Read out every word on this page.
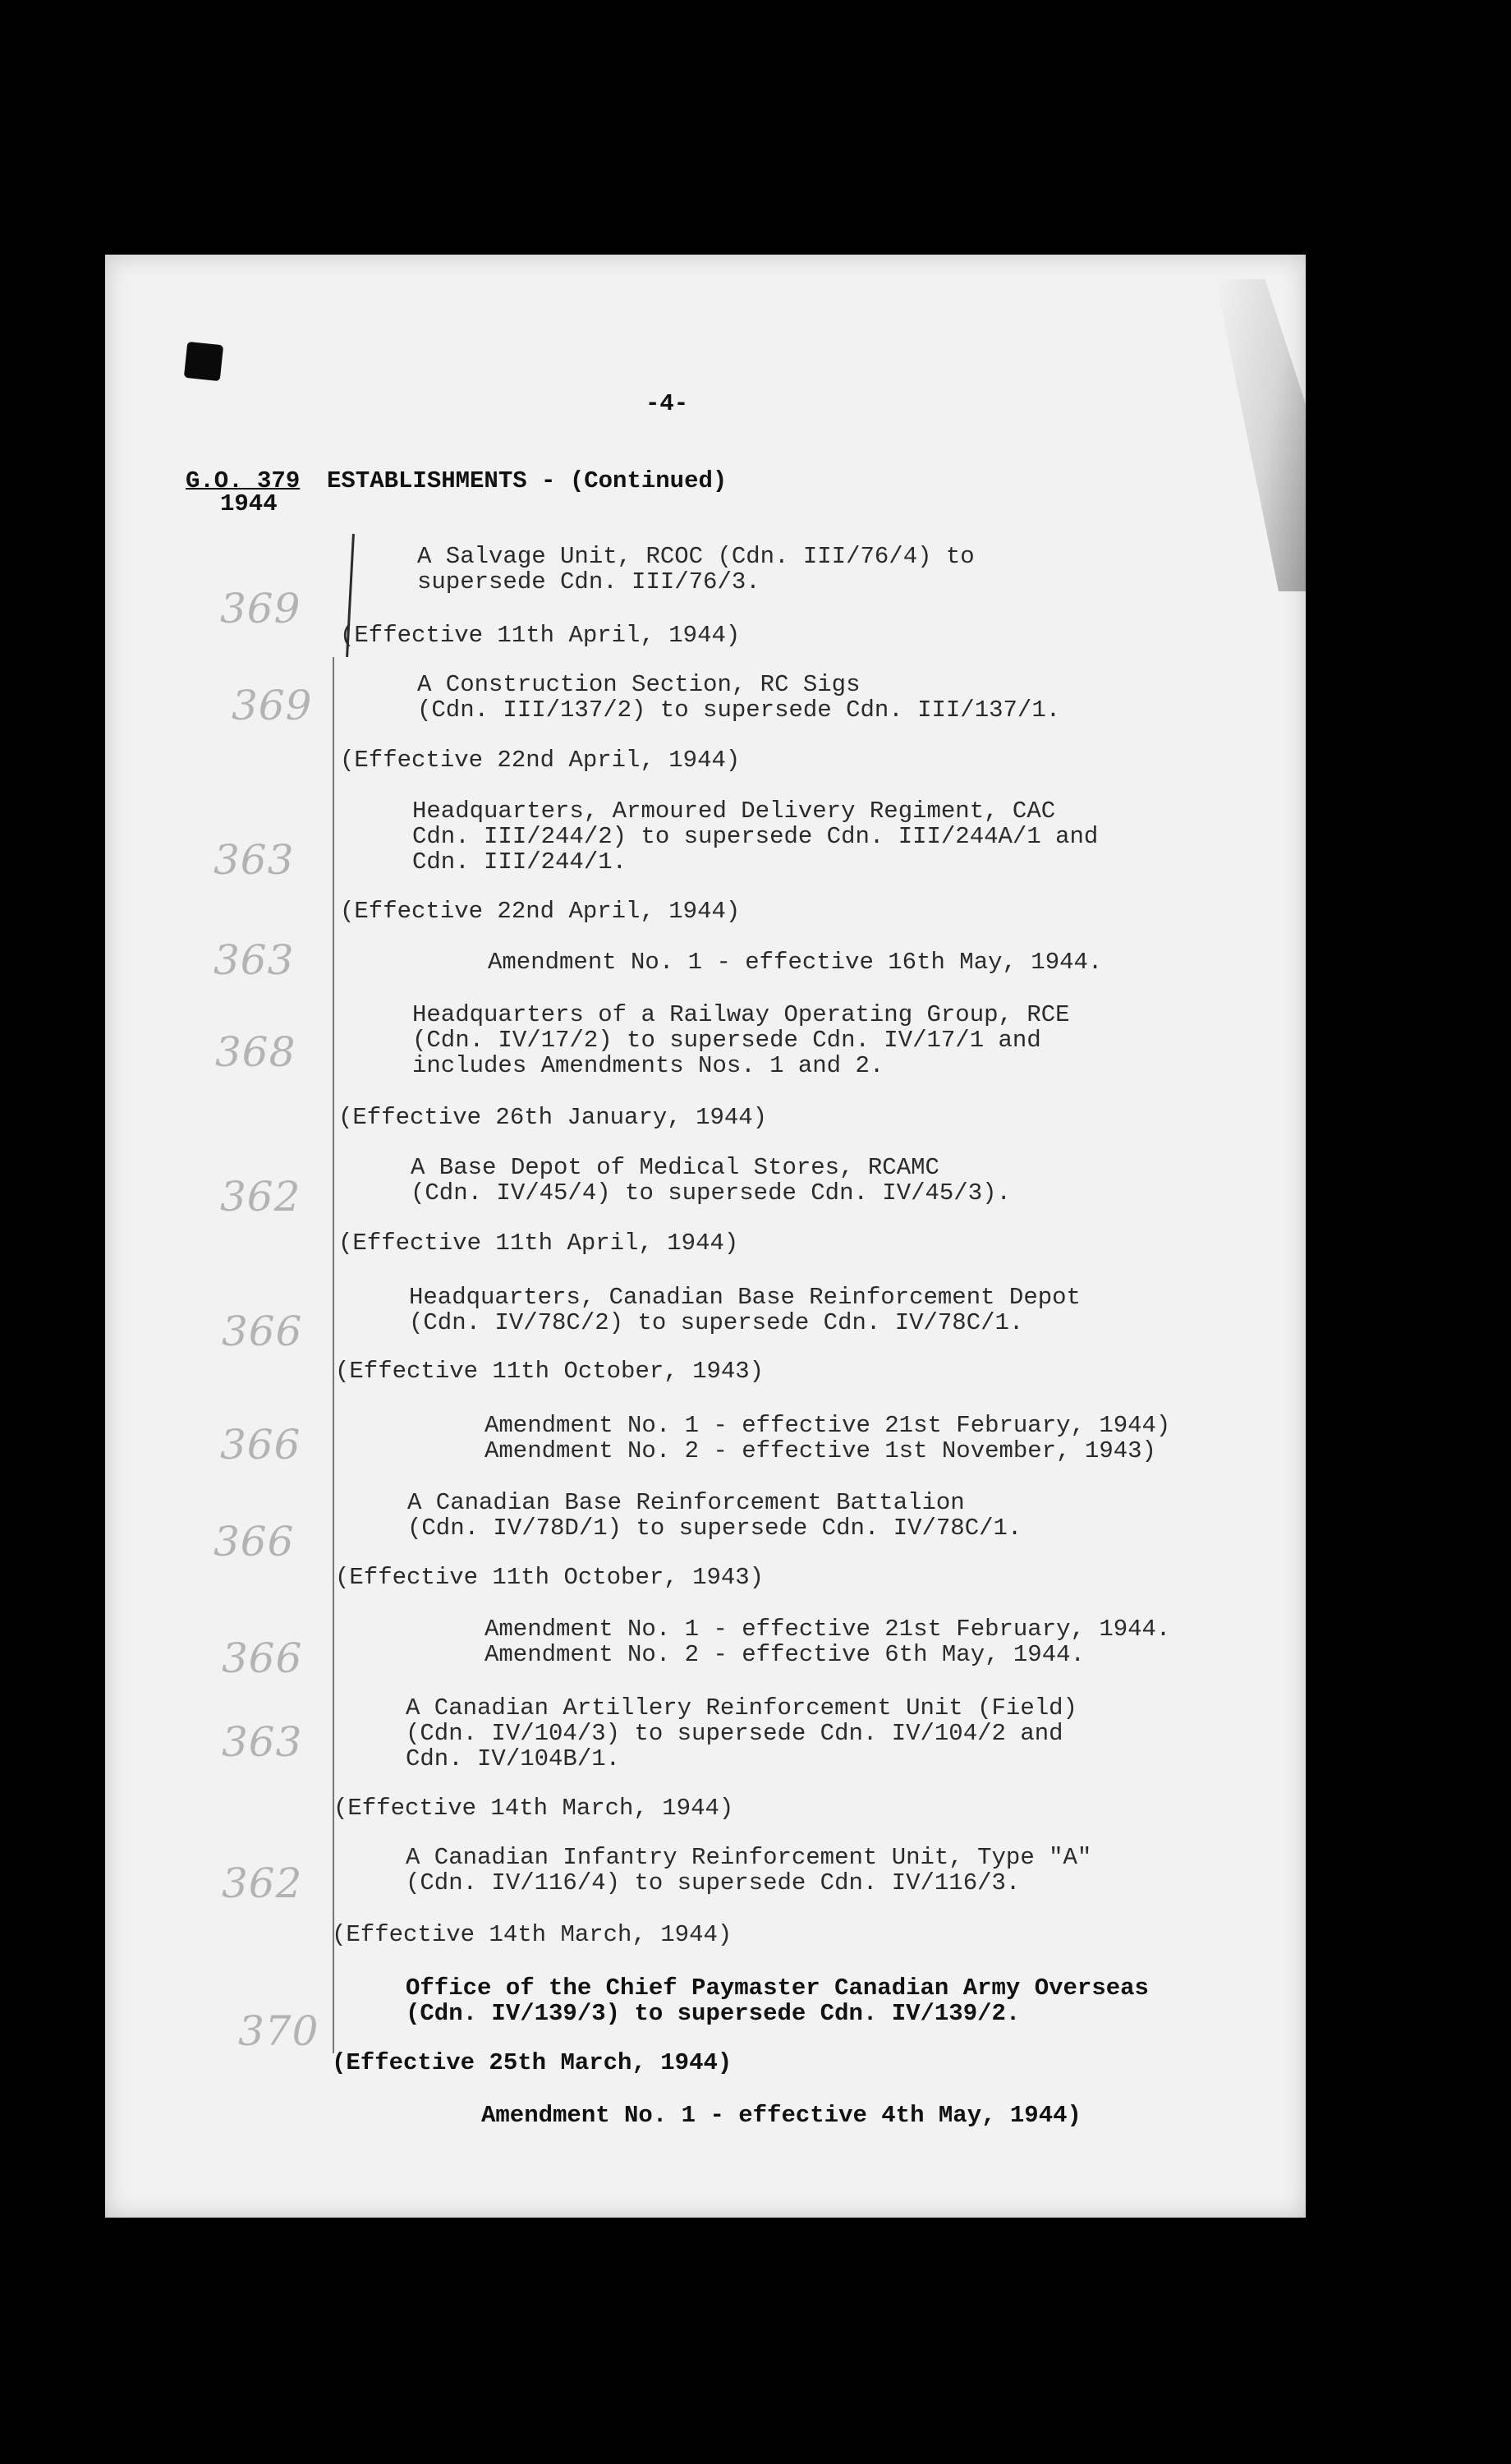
-4-
G.O. 379
1944
ESTABLISHMENTS - (Continued)
A Salvage Unit, RCOC (Cdn. III/76/4) to
supersede Cdn. III/76/3.
(Effective 11th April, 1944)
A Construction Section, RC Sigs
(Cdn. III/137/2) to supersede Cdn. III/137/1.
(Effective 22nd April, 1944)
Headquarters, Armoured Delivery Regiment, CAC
Cdn. III/244/2) to supersede Cdn. III/244A/1 and
Cdn. III/244/1.
(Effective 22nd April, 1944)
Amendment No. 1 - effective 16th May, 1944.
Headquarters of a Railway Operating Group, RCE
(Cdn. IV/17/2) to supersede Cdn. IV/17/1 and
includes Amendments Nos. 1 and 2.
(Effective 26th January, 1944)
A Base Depot of Medical Stores, RCAMC
(Cdn. IV/45/4) to supersede Cdn. IV/45/3).
(Effective 11th April, 1944)
Headquarters, Canadian Base Reinforcement Depot
(Cdn. IV/78C/2) to supersede Cdn. IV/78C/1.
(Effective 11th October, 1943)
Amendment No. 1 - effective 21st February, 1944)
Amendment No. 2 - effective 1st November, 1943)
A Canadian Base Reinforcement Battalion
(Cdn. IV/78D/1) to supersede Cdn. IV/78C/1.
(Effective 11th October, 1943)
Amendment No. 1 - effective 21st February, 1944.
Amendment No. 2 - effective 6th May, 1944.
A Canadian Artillery Reinforcement Unit (Field)
(Cdn. IV/104/3) to supersede Cdn. IV/104/2 and
Cdn. IV/104B/1.
(Effective 14th March, 1944)
A Canadian Infantry Reinforcement Unit, Type "A"
(Cdn. IV/116/4) to supersede Cdn. IV/116/3.
(Effective 14th March, 1944)
Office of the Chief Paymaster Canadian Army Overseas
(Cdn. IV/139/3) to supersede Cdn. IV/139/2.
(Effective 25th March, 1944)
Amendment No. 1 - effective 4th May, 1944)
369
369
363
363
368
362
366
366
366
366
363
362
370
